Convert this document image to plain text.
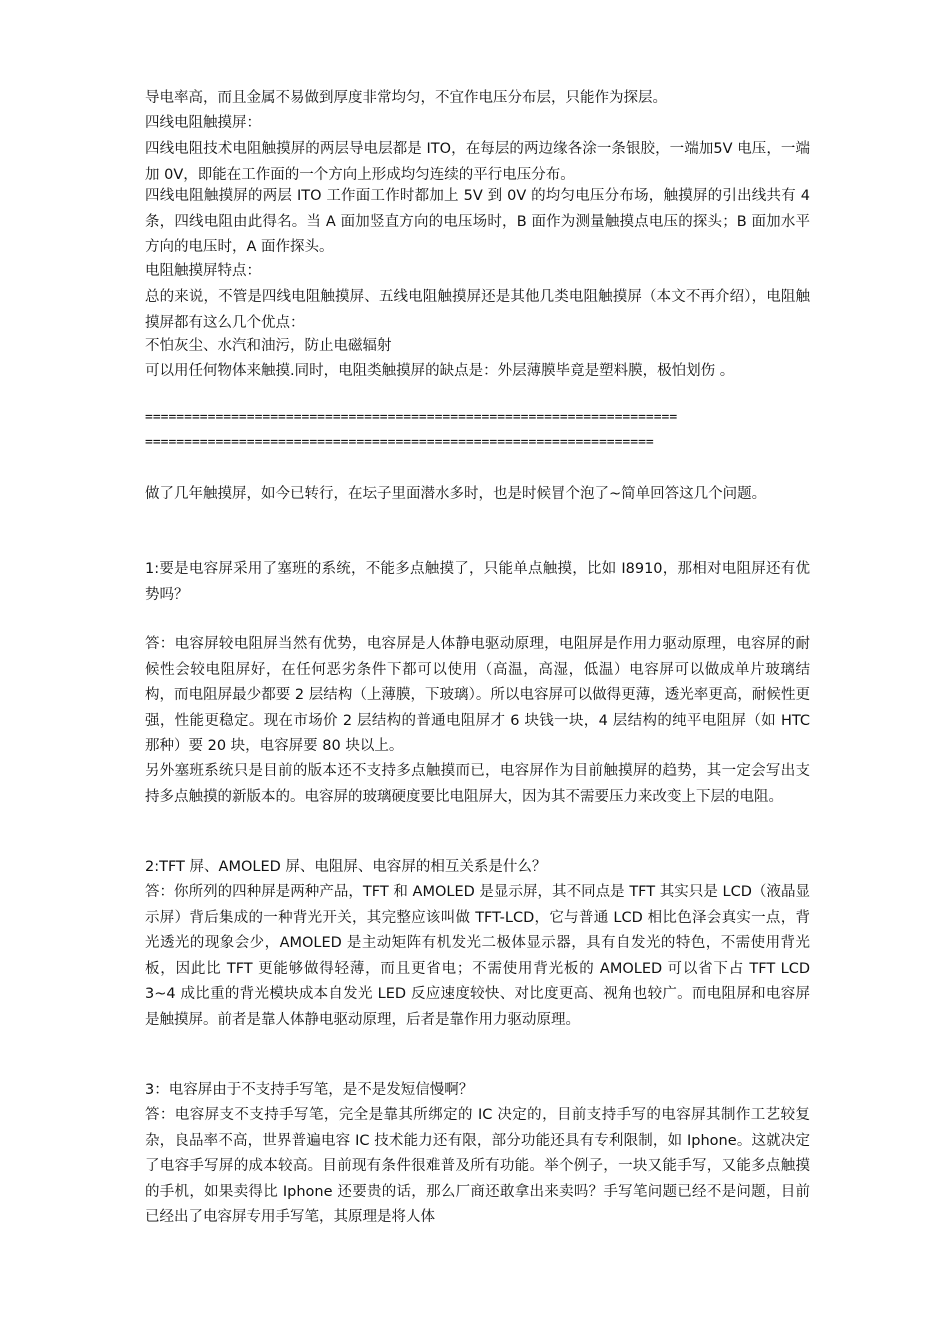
导电率高，而且金属不易做到厚度非常均匀，不宜作电压分布层，只能作为探层。
四线电阻触摸屏：
四线电阻技术电阻触摸屏的两层导电层都是 ITO，在每层的两边缘各涂一条银胶，一端加5V 电压，一端加 0V，即能在工作面的一个方向上形成均匀连续的平行电压分布。
四线电阻触摸屏的两层 ITO 工作面工作时都加上 5V 到 0V 的均匀电压分布场，触摸屏的引出线共有 4 条，四线电阻由此得名。当 A 面加竖直方向的电压场时，B 面作为测量触摸点电压的探头；B 面加水平方向的电压时，A 面作探头。
电阻触摸屏特点：
总的来说，不管是四线电阻触摸屏、五线电阻触摸屏还是其他几类电阻触摸屏（本文不再介绍），电阻触摸屏都有这么几个优点：
不怕灰尘、水汽和油污，防止电磁辐射
可以用任何物体来触摸.同时，电阻类触摸屏的缺点是：外层薄膜毕竟是塑料膜，极怕划伤 。
====================================================================
=================================================================
做了几年触摸屏，如今已转行，在坛子里面潜水多时，也是时候冒个泡了~简单回答这几个问题。
1:要是电容屏采用了塞班的系统，不能多点触摸了，只能单点触摸，比如 I8910，那相对电阻屏还有优势吗？
答：电容屏较电阻屏当然有优势，电容屏是人体静电驱动原理，电阻屏是作用力驱动原理，电容屏的耐候性会较电阻屏好，在任何恶劣条件下都可以使用（高温，高湿，低温）电容屏可以做成单片玻璃结构，而电阻屏最少都要 2 层结构（上薄膜，下玻璃）。所以电容屏可以做得更薄，透光率更高，耐候性更强，性能更稳定。现在市场价 2 层结构的普通电阻屏才 6 块钱一块，4 层结构的纯平电阻屏（如 HTC 那种）要 20 块，电容屏要 80 块以上。
另外塞班系统只是目前的版本还不支持多点触摸而已，电容屏作为目前触摸屏的趋势，其一定会写出支持多点触摸的新版本的。电容屏的玻璃硬度要比电阻屏大，因为其不需要压力来改变上下层的电阻。
2:TFT 屏、AMOLED 屏、电阻屏、电容屏的相互关系是什么？
答：你所列的四种屏是两种产品，TFT 和 AMOLED 是显示屏，其不同点是 TFT 其实只是 LCD（液晶显示屏）背后集成的一种背光开关，其完整应该叫做 TFT-LCD，它与普通 LCD 相比色泽会真实一点，背光透光的现象会少，AMOLED 是主动矩阵有机发光二极体显示器，具有自发光的特色，不需使用背光板，因此比 TFT 更能够做得轻薄，而且更省电；不需使用背光板的 AMOLED 可以省下占 TFT LCD 3~4 成比重的背光模块成本自发光 LED 反应速度较快、对比度更高、视角也较广。而电阻屏和电容屏是触摸屏。前者是靠人体静电驱动原理，后者是靠作用力驱动原理。
3：电容屏由于不支持手写笔，是不是发短信慢啊？
答：电容屏支不支持手写笔，完全是靠其所绑定的 IC 决定的，目前支持手写的电容屏其制作工艺较复杂，良品率不高，世界普遍电容 IC 技术能力还有限，部分功能还具有专利限制，如 Iphone。这就决定了电容手写屏的成本较高。目前现有条件很难普及所有功能。举个例子，一块又能手写，又能多点触摸的手机，如果卖得比 Iphone 还要贵的话，那么厂商还敢拿出来卖吗？手写笔问题已经不是问题，目前已经出了电容屏专用手写笔，其原理是将人体
